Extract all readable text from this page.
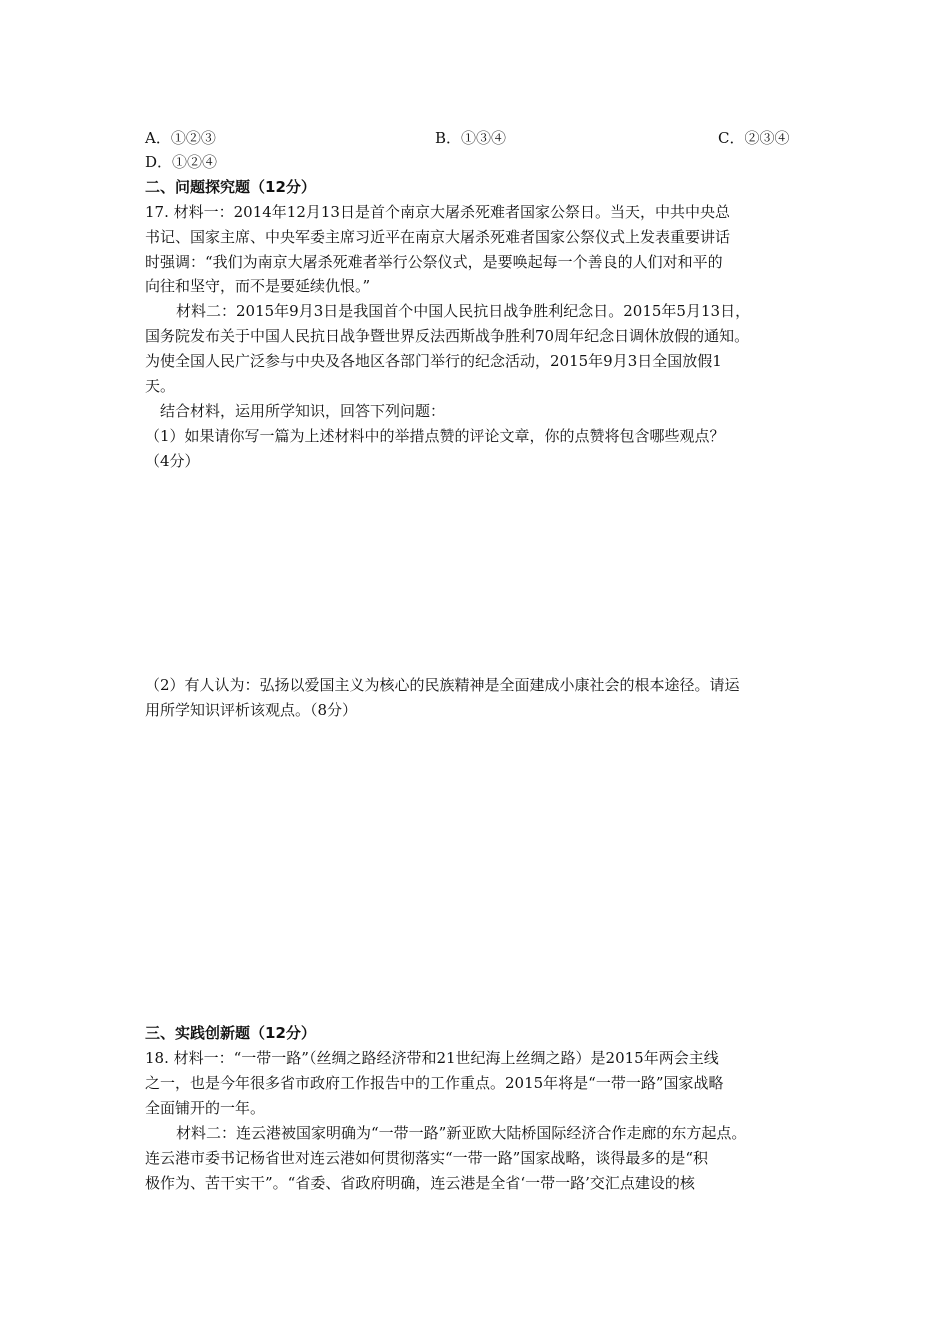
A．①②③	B．①③④	C．②③④
D．①②④
二、问题探究题（12分）
17. 材料一：2014年12月13日是首个南京大屠杀死难者国家公祭日。当天，中共中央总
书记、国家主席、中央军委主席习近平在南京大屠杀死难者国家公祭仪式上发表重要讲话
时强调：“我们为南京大屠杀死难者举行公祭仪式，是要唤起每一个善良的人们对和平的
向往和坚守，而不是要延续仇恨。”
材料二：2015年9月3日是我国首个中国人民抗日战争胜利纪念日。2015年5月13日，
国务院发布关于中国人民抗日战争暨世界反法西斯战争胜利70周年纪念日调休放假的通知。
为使全国人民广泛参与中央及各地区各部门举行的纪念活动，2015年9月3日全国放假1
天。
结合材料，运用所学知识，回答下列问题：
（1）如果请你写一篇为上述材料中的举措点赞的评论文章，你的点赞将包含哪些观点？
（4分）
（2）有人认为：弘扬以爱国主义为核心的民族精神是全面建成小康社会的根本途径。请运
用所学知识评析该观点。（8分）
三、实践创新题（12分）
18. 材料一：“一带一路”（丝绸之路经济带和21世纪海上丝绸之路）是2015年两会主线
之一，也是今年很多省市政府工作报告中的工作重点。2015年将是“一带一路”国家战略
全面铺开的一年。
材料二：连云港被国家明确为“一带一路”新亚欧大陆桥国际经济合作走廊的东方起点。
连云港市委书记杨省世对连云港如何贯彻落实“一带一路”国家战略，谈得最多的是“积
极作为、苦干实干”。“省委、省政府明确，连云港是全省‘一带一路’交汇点建设的核
